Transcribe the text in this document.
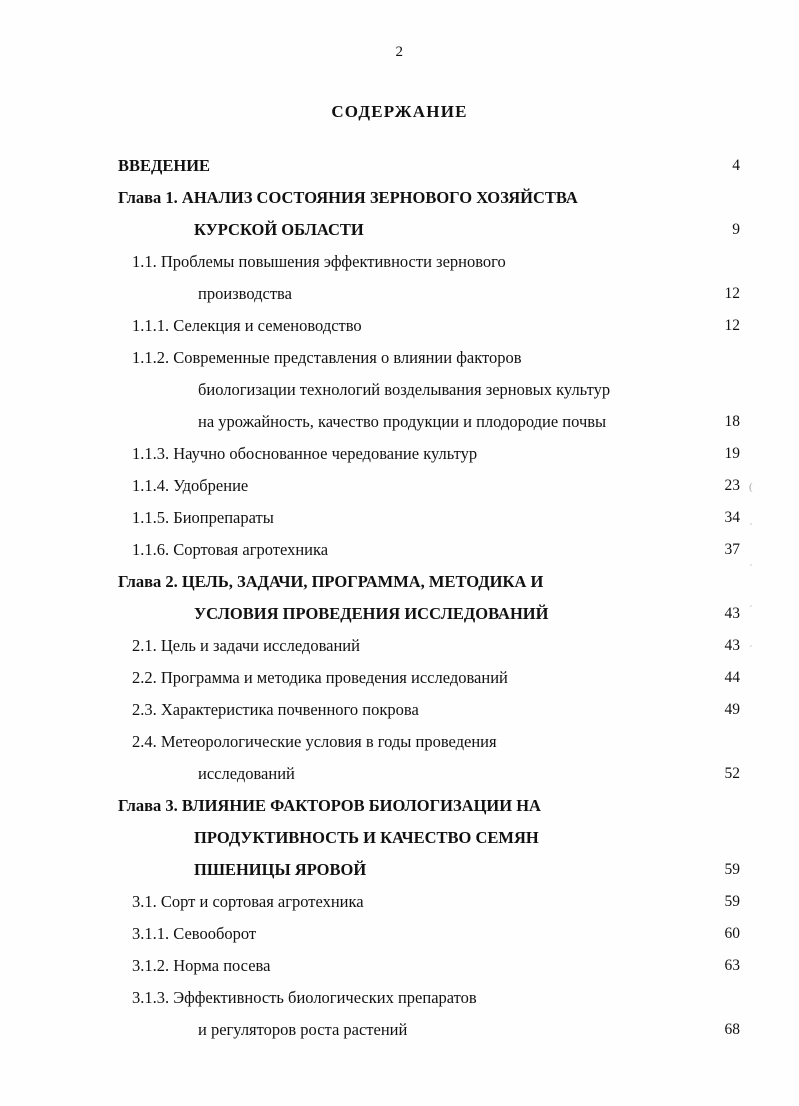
2
СОДЕРЖАНИЕ
ВВЕДЕНИЕ	4
Глава 1. АНАЛИЗ СОСТОЯНИЯ ЗЕРНОВОГО ХОЗЯЙСТВА
КУРСКОЙ ОБЛАСТИ	9
1.1. Проблемы повышения эффективности зернового
производства	12
1.1.1. Селекция и семеноводство	12
1.1.2. Современные представления о влиянии факторов
биологизации технологий возделывания зерновых культур
на урожайность, качество продукции и плодородие почвы	18
1.1.3. Научно обоснованное чередование культур	19
1.1.4. Удобрение	23
1.1.5. Биопрепараты	34
1.1.6. Сортовая агротехника	37
Глава 2. ЦЕЛЬ, ЗАДАЧИ, ПРОГРАММА, МЕТОДИКА И
УСЛОВИЯ ПРОВЕДЕНИЯ ИССЛЕДОВАНИЙ	43
2.1. Цель и задачи исследований	43
2.2. Программа и методика проведения исследований	44
2.3. Характеристика почвенного покрова	49
2.4. Метеорологические условия в годы проведения
исследований	52
Глава 3. ВЛИЯНИЕ ФАКТОРОВ БИОЛОГИЗАЦИИ НА
ПРОДУКТИВНОСТЬ И КАЧЕСТВО СЕМЯН
ПШЕНИЦЫ ЯРОВОЙ	59
3.1. Сорт и сортовая агротехника	59
3.1.1. Севооборот	60
3.1.2. Норма посева	63
3.1.3. Эффективность биологических препаратов
и регуляторов роста растений	68
(
´
´
´
´
